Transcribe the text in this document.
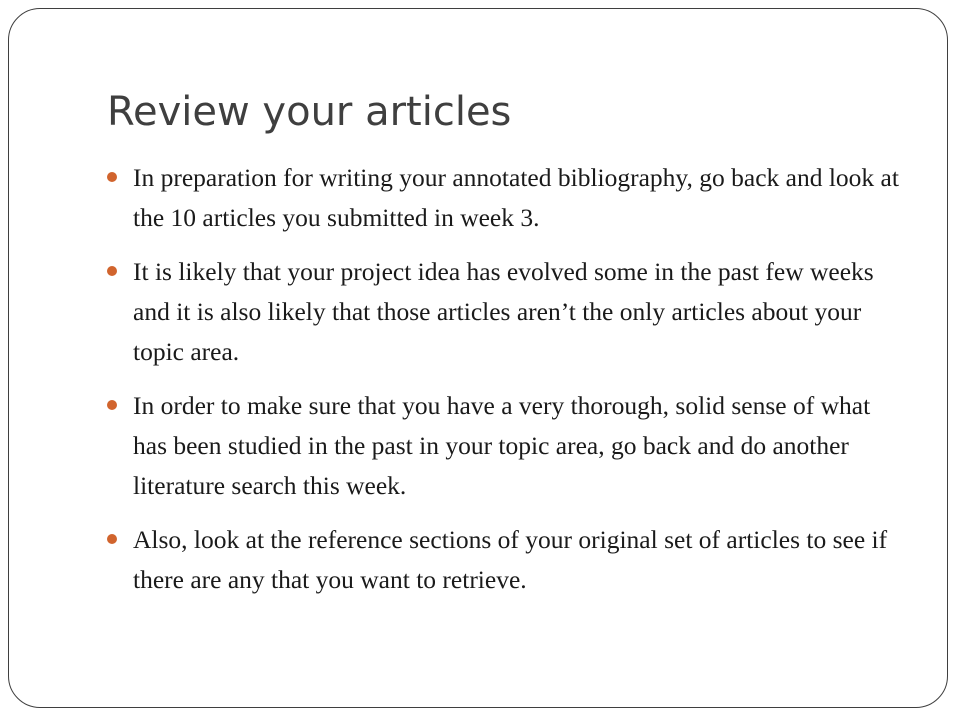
Review your articles
In preparation for writing your annotated bibliography, go back and look at the 10 articles you submitted in week 3.
It is likely that your project idea has evolved some in the past few weeks and it is also likely that those articles aren’t the only articles about your topic area.
In order to make sure that you have a very thorough, solid sense of what has been studied in the past in your topic area, go back and do another literature search this week.
Also, look at the reference sections of your original set of articles to see if there are any that you want to retrieve.
